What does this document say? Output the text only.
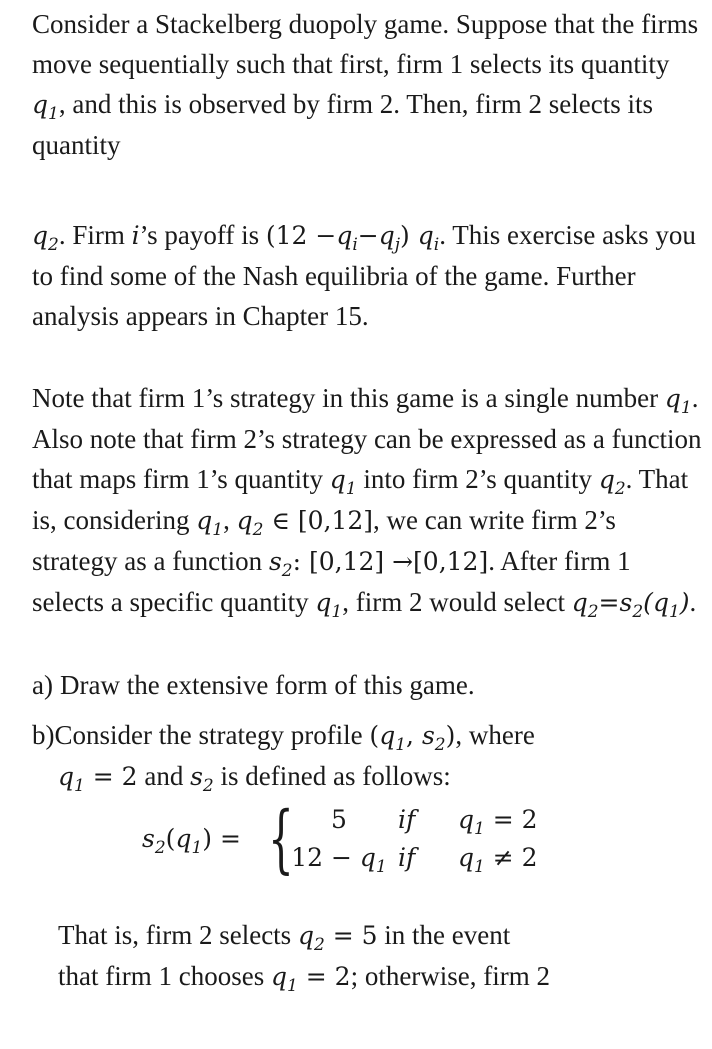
Consider a Stackelberg duopoly game. Suppose that the firms move sequentially such that first, firm 1 selects its quantity $q_1$, and this is observed by firm 2. Then, firm 2 selects its quantity

$q_2$. Firm i’s payoff is $(12 -q_i-q_j)$ $q_i$. This exercise asks you to find some of the Nash equilibria of the game. Further analysis appears in Chapter 15.

Note that firm 1’s strategy in this game is a single number $q_1$. Also note that firm 2’s strategy can be expressed as a function that maps firm 1’s quantity $q_1$ into firm 2’s quantity $q_2$. That is, considering $q_1$, $q_2$ ∈ [0,12], we can write firm 2’s strategy as a function $s_2$: [0,12] →[0,12]. After firm 1 selects a specific quantity $q_1$, firm 2 would select $q_2=s_2(q_1)$.

a) Draw the extensive form of this game.
b)Consider the strategy profile ($q_1$, $s_2$), where
$q_1 = 2$ and $s_2$ is defined as follows:
$s_2(q_1)$ = {	5 if $q_1 = 2$
$12 - q_1$ if $q_1 \ne 2$
That is, firm 2 selects $q_2 = 5$ in the event
that firm 1 chooses $q_1 = 2$; otherwise, firm 2
